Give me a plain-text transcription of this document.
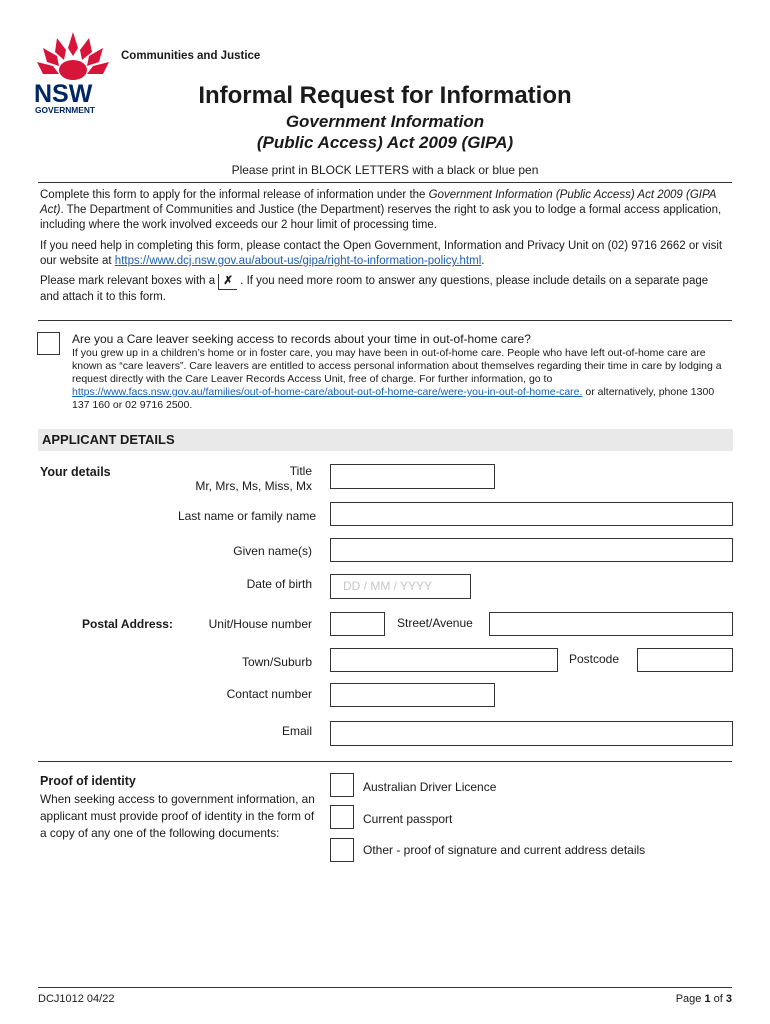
NSW
GOVERNMENT
Communities and Justice
Informal Request for Information
Government Information
(Public Access) Act 2009 (GIPA)
Please print in BLOCK LETTERS with a black or blue pen

Complete this form to apply for the informal release of information under the Government Information (Public Access) Act 2009 (GIPA Act). The Department of Communities and Justice (the Department) reserves the right to ask you to lodge a formal access application, including where the work involved exceeds our 2 hour limit of processing time.

If you need help in completing this form, please contact the Open Government, Information and Privacy Unit on (02) 9716 2662 or visit our website at https://www.dcj.nsw.gov.au/about-us/gipa/right-to-information-policy.html.

Please mark relevant boxes with a ✗ . If you need more room to answer any questions, please include details on a separate page and attach it to this form.

Are you a Care leaver seeking access to records about your time in out-of-home care?
If you grew up in a children’s home or in foster care, you may have been in out-of-home care. People who have left out-of-home care are known as “care leavers”. Care leavers are entitled to access personal information about themselves regarding their time in care by lodging a request directly with the Care Leaver Records Access Unit, free of charge. For further information, go to https://www.facs.nsw.gov.au/families/out-of-home-care/about-out-of-home-care/were-you-in-out-of-home-care. or alternatively, phone 1300 137 160 or 02 9716 2500.
APPLICANT DETAILS
Your details	Title
Mr, Mrs, Ms, Miss, Mx
Last name or family name
Given name(s)
Date of birth	DD / MM / YYYY
Postal Address:	Unit/House number	Street/Avenue
Town/Suburb	Postcode
Contact number
Email
Proof of identity
When seeking access to government information, an applicant must provide proof of identity in the form of a copy of any one of the following documents:
Australian Driver Licence
Current passport
Other - proof of signature and current address details
DCJ1012 04/22	Page 1 of 3
